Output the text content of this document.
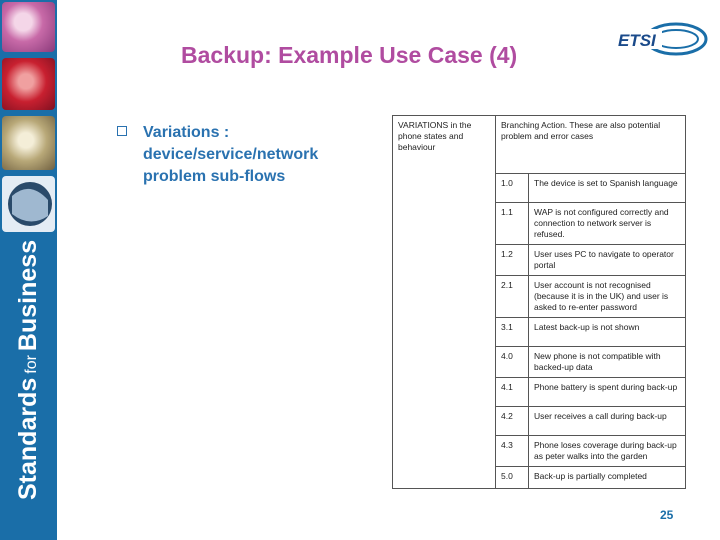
StandardsforBusiness
Backup: Example Use Case (4)
ETSI
Variations : device/service/network problem sub-flows
VARIATIONS in the phone states and behaviour	Branching Action. These are also potential problem and error cases	
	1.0	The device is set to Spanish language
	1.1	WAP is not configured correctly and connection to network server is refused.
	1.2	User uses PC to navigate to operator portal
	2.1	User account is not recognised (because it is in the UK) and user is asked to re-enter password
	3.1	Latest back-up is not shown
	4.0	New phone is not compatible with backed-up data
	4.1	Phone battery is spent during back-up
	4.2	User receives a call during back-up
	4.3	Phone loses coverage during back-up as peter walks into the garden
	5.0	Back-up is partially completed
25
